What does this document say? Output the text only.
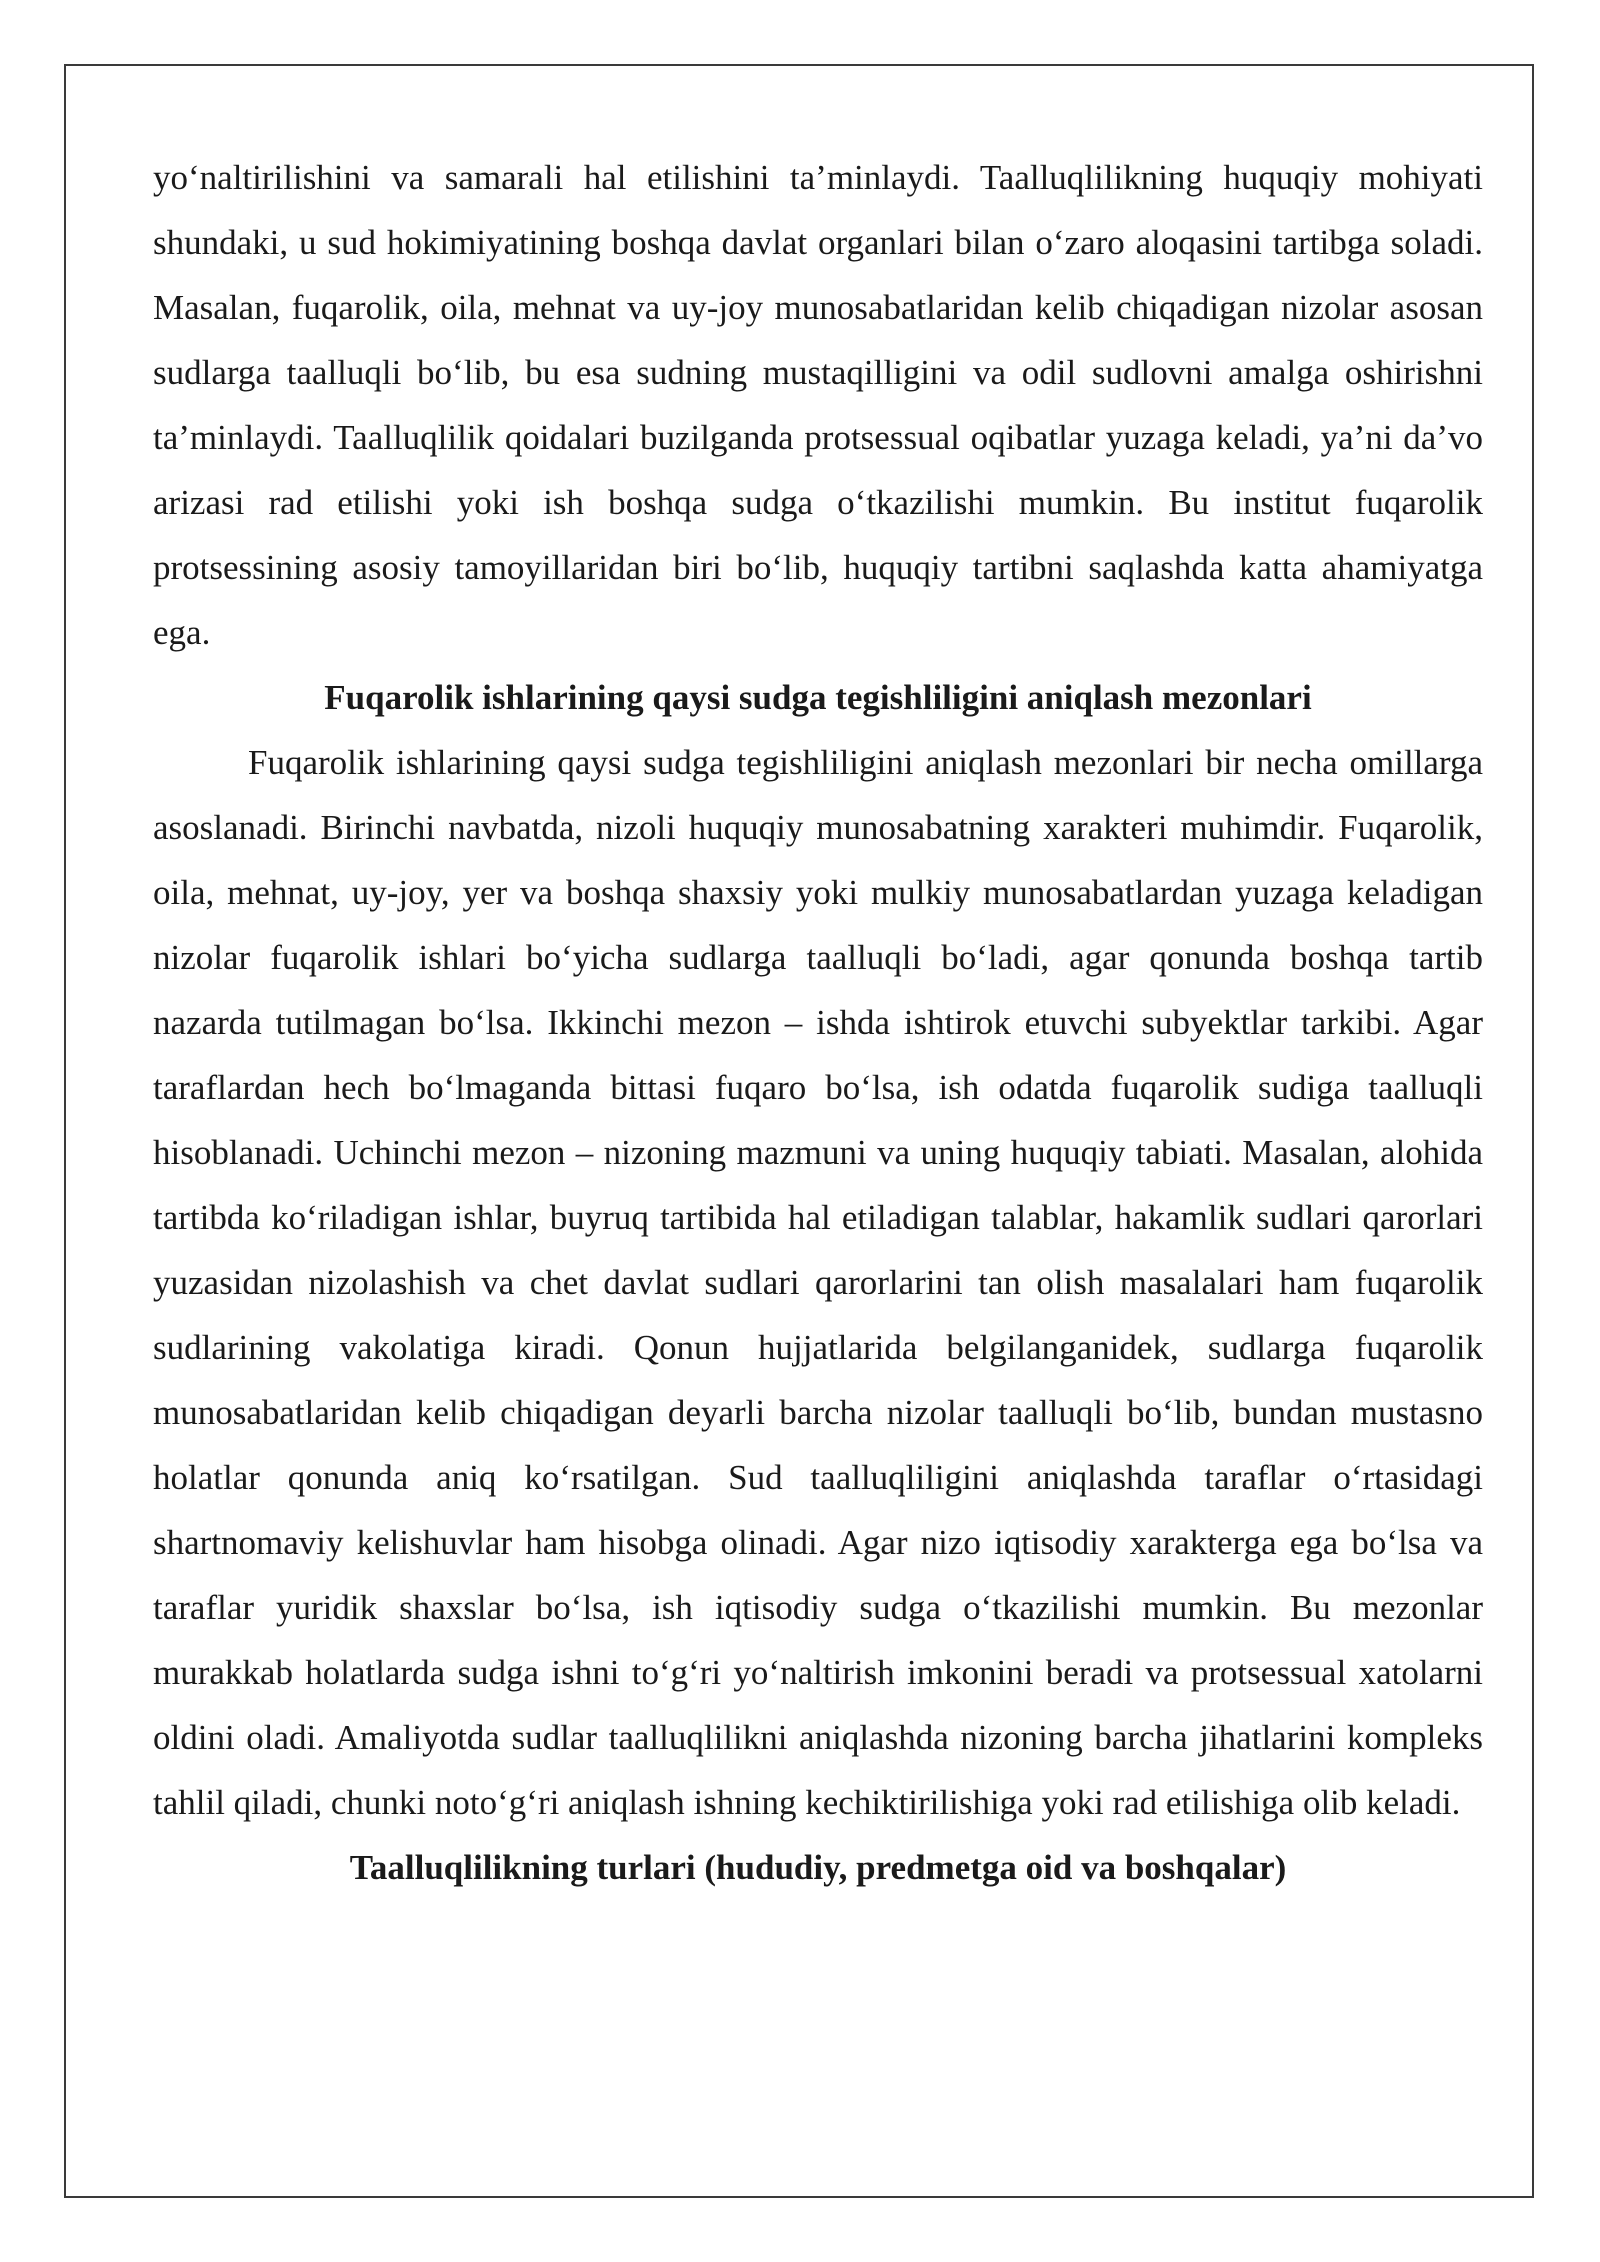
yo‘naltirilishini va samarali hal etilishini ta’minlaydi. Taalluqlilikning huquqiy mohiyati shundaki, u sud hokimiyatining boshqa davlat organlari bilan o‘zaro aloqasini tartibga soladi. Masalan, fuqarolik, oila, mehnat va uy-joy munosabatlaridan kelib chiqadigan nizolar asosan sudlarga taalluqli bo‘lib, bu esa sudning mustaqilligini va odil sudlovni amalga oshirishni ta’minlaydi. Taalluqlilik qoidalari buzilganda protsessual oqibatlar yuzaga keladi, ya’ni da’vo arizasi rad etilishi yoki ish boshqa sudga o‘tkazilishi mumkin. Bu institut fuqarolik protsessining asosiy tamoyillaridan biri bo‘lib, huquqiy tartibni saqlashda katta ahamiyatga ega.

Fuqarolik ishlarining qaysi sudga tegishliligini aniqlash mezonlari

Fuqarolik ishlarining qaysi sudga tegishliligini aniqlash mezonlari bir necha omillarga asoslanadi. Birinchi navbatda, nizoli huquqiy munosabatning xarakteri muhimdir. Fuqarolik, oila, mehnat, uy-joy, yer va boshqa shaxsiy yoki mulkiy munosabatlardan yuzaga keladigan nizolar fuqarolik ishlari bo‘yicha sudlarga taalluqli bo‘ladi, agar qonunda boshqa tartib nazarda tutilmagan bo‘lsa. Ikkinchi mezon – ishda ishtirok etuvchi subyektlar tarkibi. Agar taraflardan hech bo‘lmaganda bittasi fuqaro bo‘lsa, ish odatda fuqarolik sudiga taalluqli hisoblanadi. Uchinchi mezon – nizoning mazmuni va uning huquqiy tabiati. Masalan, alohida tartibda ko‘riladigan ishlar, buyruq tartibida hal etiladigan talablar, hakamlik sudlari qarorlari yuzasidan nizolashish va chet davlat sudlari qarorlarini tan olish masalalari ham fuqarolik sudlarining vakolatiga kiradi. Qonun hujjatlarida belgilanganidek, sudlarga fuqarolik munosabatlaridan kelib chiqadigan deyarli barcha nizolar taalluqli bo‘lib, bundan mustasno holatlar qonunda aniq ko‘rsatilgan. Sud taalluqliligini aniqlashda taraflar o‘rtasidagi shartnomaviy kelishuvlar ham hisobga olinadi. Agar nizo iqtisodiy xarakterga ega bo‘lsa va taraflar yuridik shaxslar bo‘lsa, ish iqtisodiy sudga o‘tkazilishi mumkin. Bu mezonlar murakkab holatlarda sudga ishni to‘g‘ri yo‘naltirish imkonini beradi va protsessual xatolarni oldini oladi. Amaliyotda sudlar taalluqlilikni aniqlashda nizoning barcha jihatlarini kompleks tahlil qiladi, chunki noto‘g‘ri aniqlash ishning kechiktirilishiga yoki rad etilishiga olib keladi.

Taalluqlilikning turlari (hududiy, predmetga oid va boshqalar)
